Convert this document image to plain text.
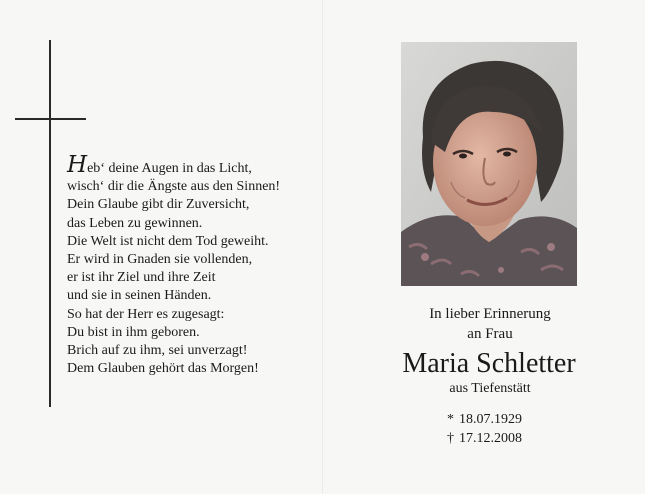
Heb‘ deine Augen in das Licht,
wisch‘ dir die Ängste aus den Sinnen!
Dein Glaube gibt dir Zuversicht,
das Leben zu gewinnen.
Die Welt ist nicht dem Tod geweiht.
Er wird in Gnaden sie vollenden,
er ist ihr Ziel und ihre Zeit
und sie in seinen Händen.
So hat der Herr es zugesagt:
Du bist in ihm geboren.
Brich auf zu ihm, sei unverzagt!
Dem Glauben gehört das Morgen!
In lieber Erinnerung
an Frau
Maria Schletter
aus Tiefenstätt
* 18.07.1929
† 17.12.2008
